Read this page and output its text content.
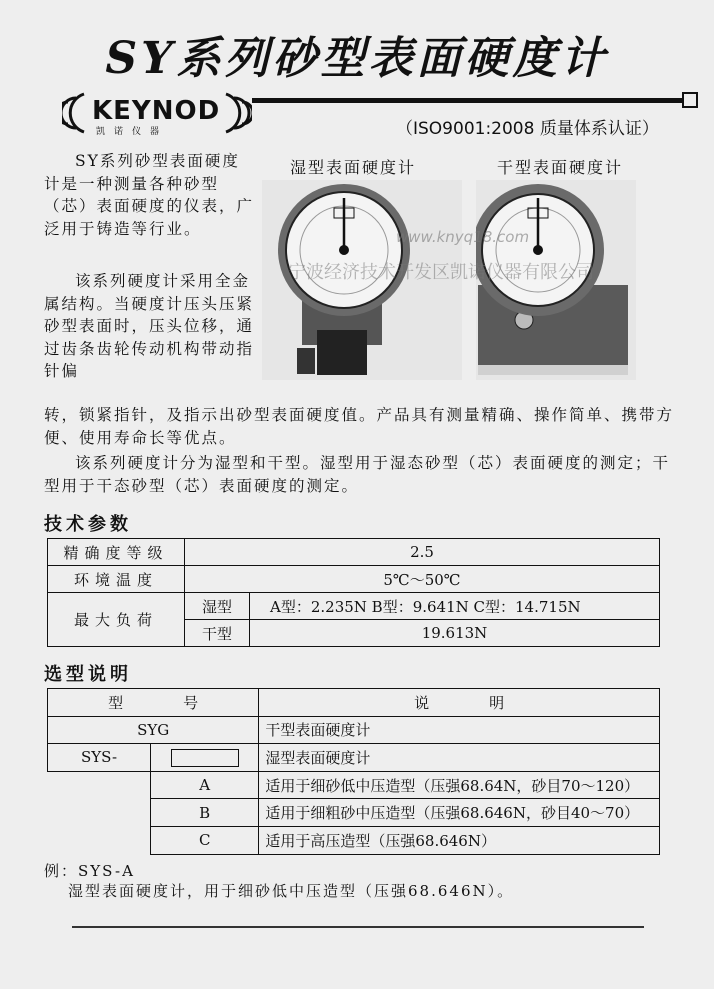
SY系列砂型表面硬度计
KEYNOD
凯诺仪器	（ISO9001:2008 质量体系认证）
SY系列砂型表面硬度计是一种测量各种砂型（芯）表面硬度的仪表，广泛用于铸造等行业。
该系列硬度计采用全金属结构。当硬度计压头压紧砂型表面时，压头位移，通过齿条齿轮传动机构带动指针偏
转，锁紧指针，及指示出砂型表面硬度值。产品具有测量精确、操作简单、携带方便、使用寿命长等优点。
该系列硬度计分为湿型和干型。湿型用于湿态砂型（芯）表面硬度的测定；干型用于干态砂型（芯）表面硬度的测定。
湿型表面硬度计	干型表面硬度计
www.knyq18.com
宁波经济技术开发区凯诺仪器有限公司
技术参数
精确度等级	2.5	
环境温度	5℃～50℃	
最大负荷	湿型	A型：2.235N B型：9.641N C型：14.715N
	干型	19.613N
选型说明
型　　　　号		说　　　　明
SYG		干型表面硬度计
SYS-		湿型表面硬度计
	A	适用于细砂低中压造型（压强68.64N，砂目70～120）
	B	适用于细粗砂中压造型（压强68.646N，砂目40～70）
	C	适用于高压造型（压强68.646N）
例：SYS-A
湿型表面硬度计，用于细砂低中压造型（压强68.646N）。
